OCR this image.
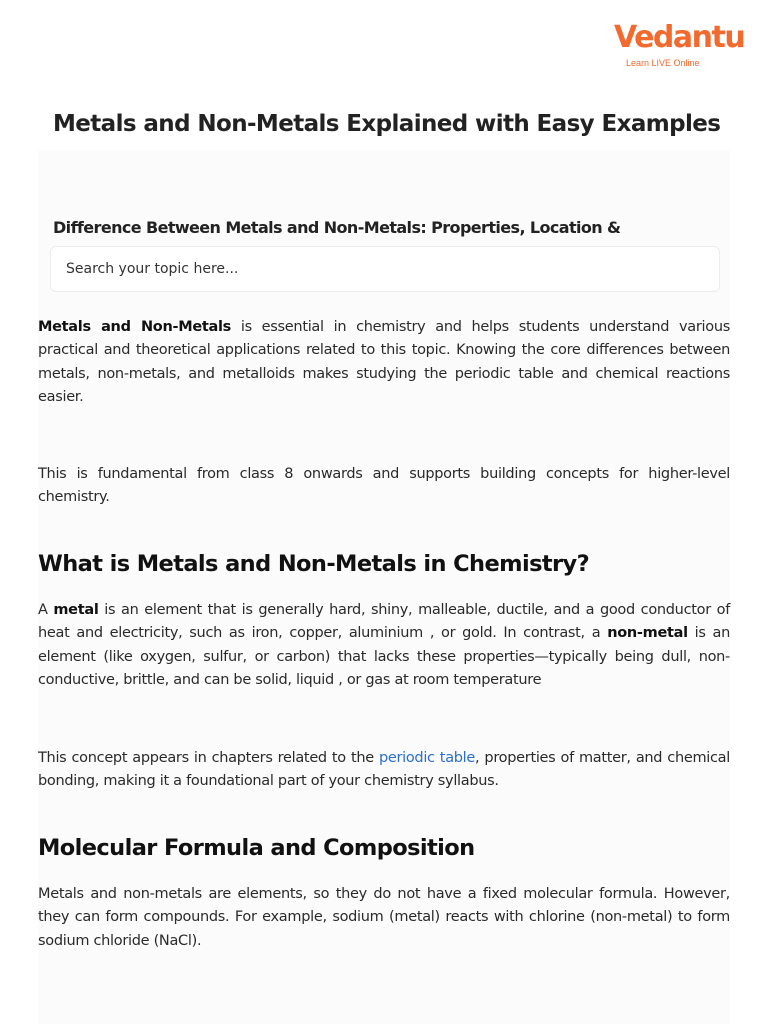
Vedantu
Learn LIVE Online
Metals and Non-Metals Explained with Easy Examples
Difference Between Metals and Non-Metals: Properties, Location &
Search your topic here...

Metals and Non-Metals is essential in chemistry and helps students understand various practical and theoretical applications related to this topic. Knowing the core differences between metals, non-metals, and metalloids makes studying the periodic table and chemical reactions easier.

This is fundamental from class 8 onwards and supports building concepts for higher-level chemistry.

What is Metals and Non-Metals in Chemistry?

A metal is an element that is generally hard, shiny, malleable, ductile, and a good conductor of heat and electricity, such as iron, copper, aluminium , or gold. In contrast, a non-metal is an element (like oxygen, sulfur, or carbon) that lacks these properties—typically being dull, non-conductive, brittle, and can be solid, liquid , or gas at room temperature

This concept appears in chapters related to the periodic table, properties of matter, and chemical bonding, making it a foundational part of your chemistry syllabus.

Molecular Formula and Composition

Metals and non-metals are elements, so they do not have a fixed molecular formula. However, they can form compounds. For example, sodium (metal) reacts with chlorine (non-metal) to form sodium chloride (NaCl).
